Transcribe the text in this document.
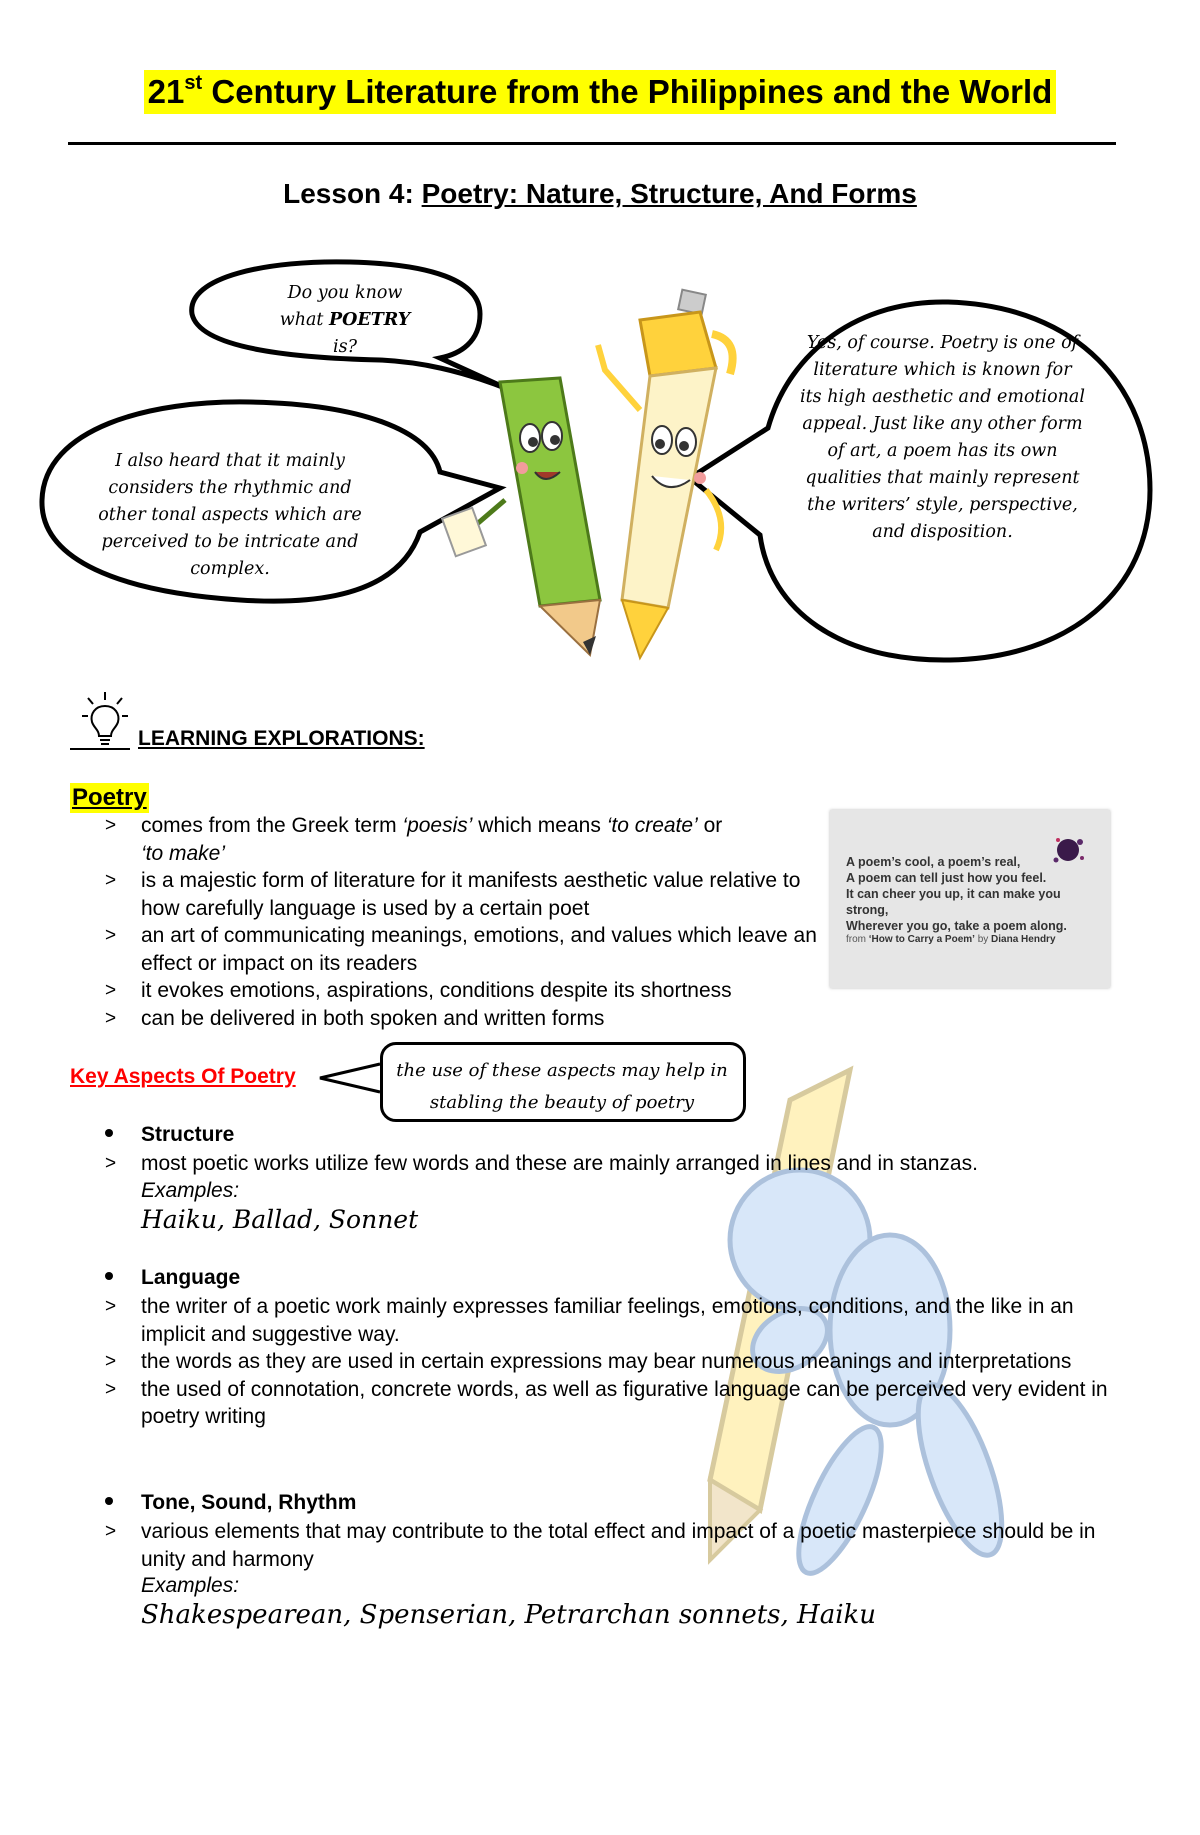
21st Century Literature from the Philippines and the World
Lesson 4: Poetry: Nature, Structure, And Forms
Do you know
what POETRY
is?
I also heard that it mainly considers the rhythmic and other tonal aspects which are perceived to be intricate and complex.
Yes, of course. Poetry is one of literature which is known for its high aesthetic and emotional appeal. Just like any other form of art, a poem has its own qualities that mainly represent the writers’ style, perspective, and disposition.
LEARNING EXPLORATIONS:
Poetry
> comes from the Greek term ‘poesis’ which means ‘to create’ or
‘to make’
> is a majestic form of literature for it manifests aesthetic value relative to how carefully language is used by a certain poet
> an art of communicating meanings, emotions, and values which leave an effect or impact on its readers
> it evokes emotions, aspirations, conditions despite its shortness
> can be delivered in both spoken and written forms
A poem’s cool, a poem’s real,
A poem can tell just how you feel.
It can cheer you up, it can make you strong,
Wherever you go, take a poem along.
from ‘How to Carry a Poem’ by Diana Hendry
Key Aspects Of Poetry	the use of these aspects may help in stabling the beauty of poetry
Structure
> most poetic works utilize few words and these are mainly arranged in lines and in stanzas.
Examples:
Haiku, Ballad, Sonnet
Language
> the writer of a poetic work mainly expresses familiar feelings, emotions, conditions, and the like in an implicit and suggestive way.
> the words as they are used in certain expressions may bear numerous meanings and interpretations
> the used of connotation, concrete words, as well as figurative language can be perceived very evident in poetry writing
Tone, Sound, Rhythm
> various elements that may contribute to the total effect and impact of a poetic masterpiece should be in unity and harmony
Examples:
Shakespearean, Spenserian, Petrarchan sonnets, Haiku
